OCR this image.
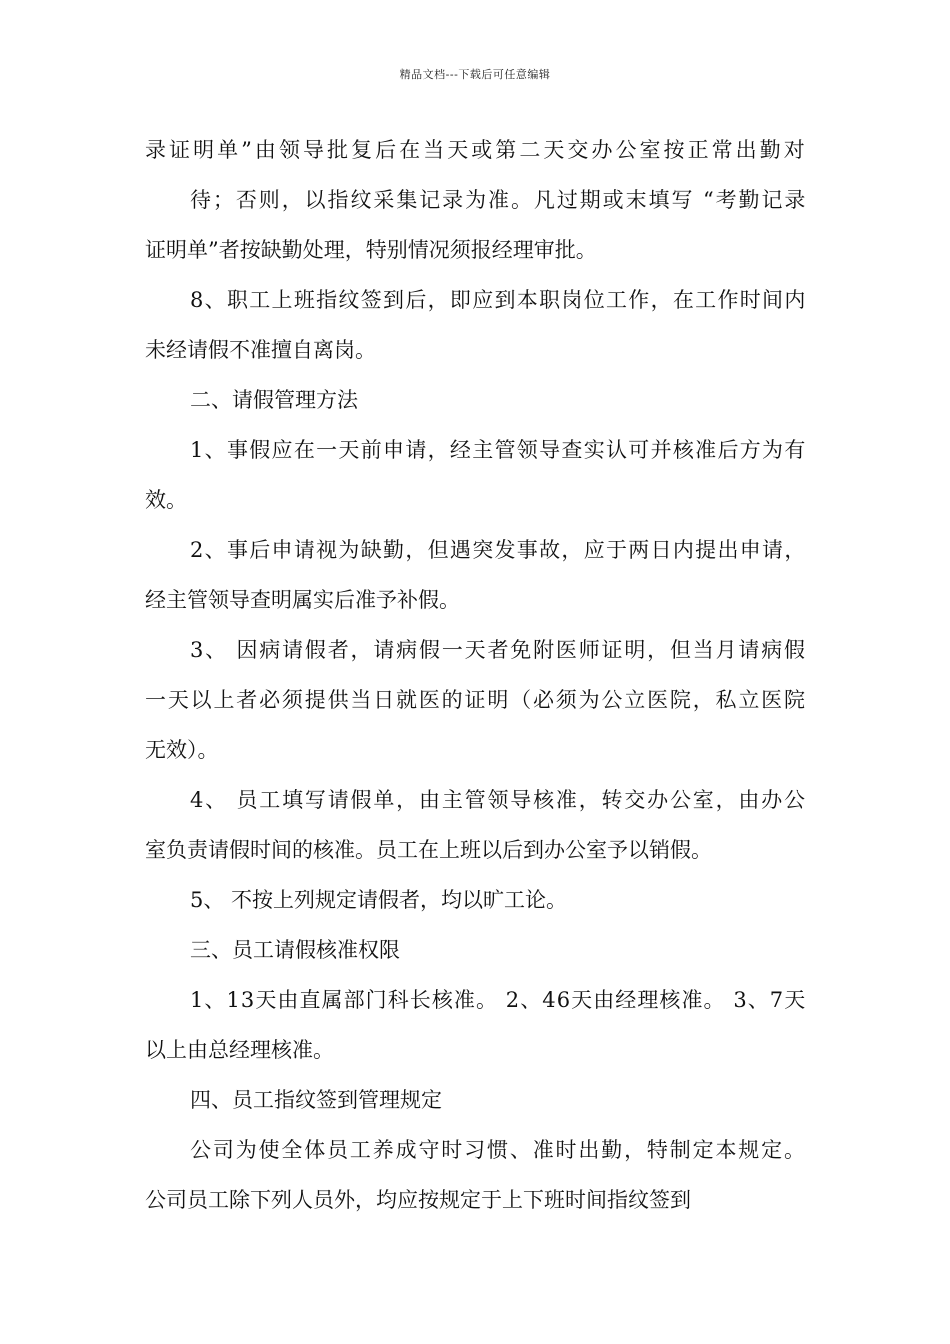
精品文档---下载后可任意编辑
录证明单”由领导批复后在当天或第二天交办公室按正常出勤对
待；否则，以指纹采集记录为准。凡过期或末填写 “考勤记录
证明单”者按缺勤处理，特别情况须报经理审批。
8、职工上班指纹签到后，即应到本职岗位工作，在工作时间内
未经请假不准擅自离岗。
二、请假管理方法
1、事假应在一天前申请，经主管领导查实认可并核准后方为有
效。
2、事后申请视为缺勤，但遇突发事故，应于两日内提出申请，
经主管领导查明属实后准予补假。
3、 因病请假者，请病假一天者免附医师证明，但当月请病假
一天以上者必须提供当日就医的证明（必须为公立医院，私立医院
无效）。
4、 员工填写请假单，由主管领导核准，转交办公室，由办公
室负责请假时间的核准。员工在上班以后到办公室予以销假。
5、 不按上列规定请假者，均以旷工论。
三、员工请假核准权限
1、13天由直属部门科长核准。 2、46天由经理核准。 3、7天
以上由总经理核准。
四、员工指纹签到管理规定
公司为使全体员工养成守时习惯、准时出勤，特制定本规定。
公司员工除下列人员外，均应按规定于上下班时间指纹签到
